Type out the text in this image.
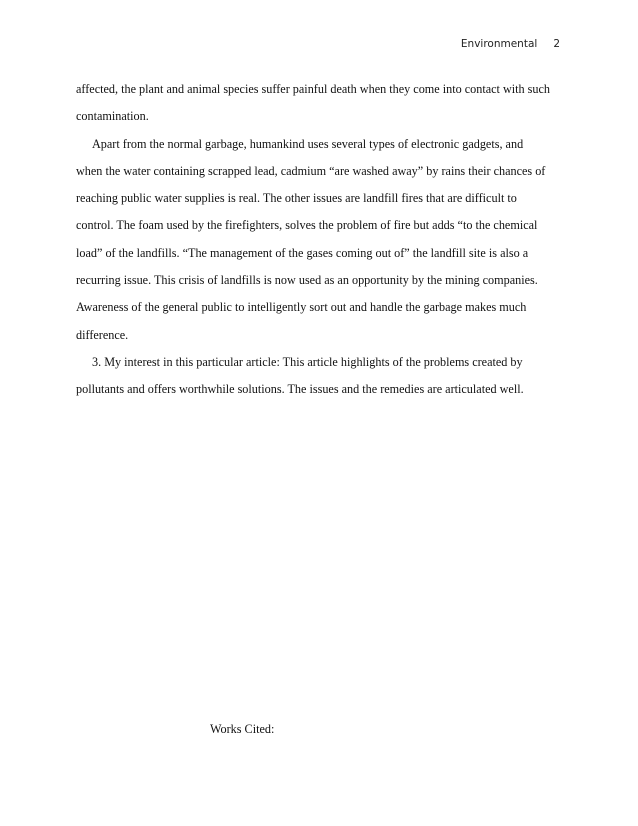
Environmental 2

affected, the plant and animal species suffer painful death when they come into contact with such
contamination.

Apart from the normal garbage, humankind uses several types of electronic gadgets, and
when the water containing scrapped lead, cadmium “are washed away” by rains their chances of
reaching public water supplies is real. The other issues are landfill fires that are difficult to
control. The foam used by the firefighters, solves the problem of fire but adds “to the chemical
load” of the landfills. “The management of the gases coming out of” the landfill site is also a
recurring issue. This crisis of landfills is now used as an opportunity by the mining companies.
Awareness of the general public to intelligently sort out and handle the garbage makes much
difference.

3. My interest in this particular article: This article highlights of the problems created by
pollutants and offers worthwhile solutions. The issues and the remedies are articulated well.

Works Cited:
